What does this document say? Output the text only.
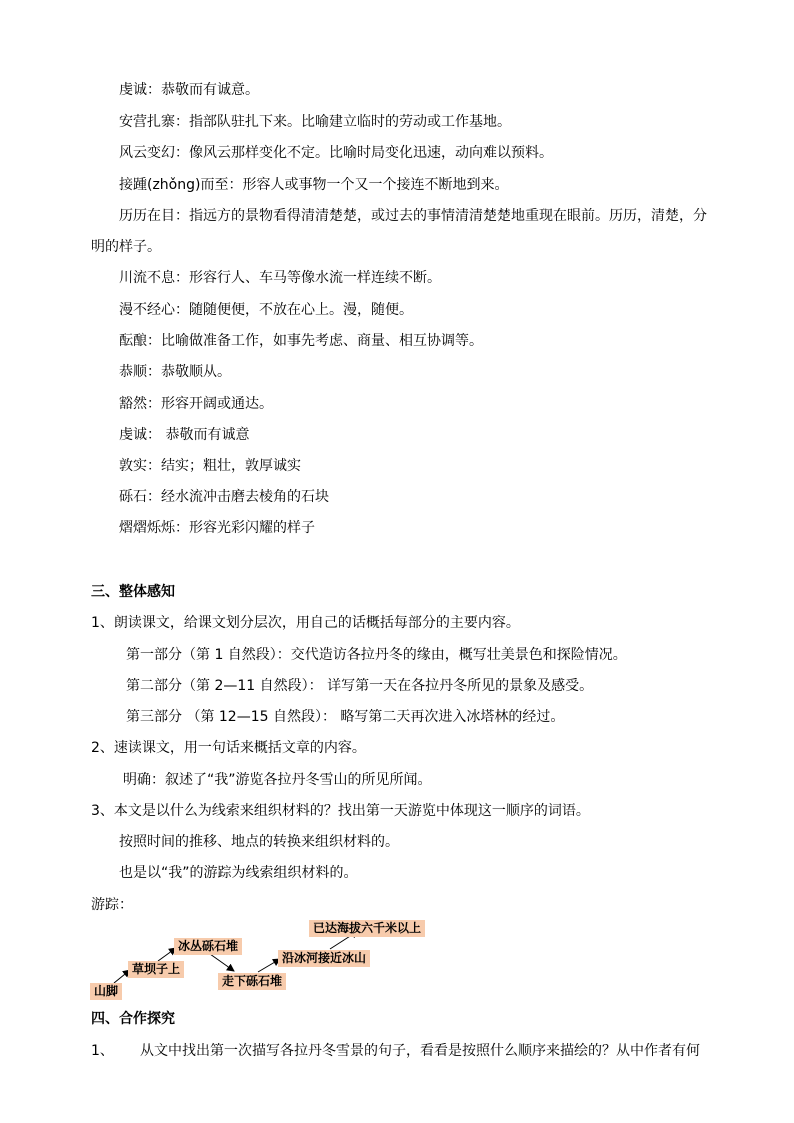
虔诚：恭敬而有诚意。
安营扎寨：指部队驻扎下来。比喻建立临时的劳动或工作基地。
风云变幻：像风云那样变化不定。比喻时局变化迅速，动向难以预料。
接踵(zhǒng)而至：形容人或事物一个又一个接连不断地到来。
历历在目：指远方的景物看得清清楚楚，或过去的事情清清楚楚地重现在眼前。历历，清楚，分
明的样子。
川流不息：形容行人、车马等像水流一样连续不断。
漫不经心：随随便便，不放在心上。漫，随便。
酝酿：比喻做准备工作，如事先考虑、商量、相互协调等。
恭顺：恭敬顺从。
豁然：形容开阔或通达。
虔诚： 恭敬而有诚意
敦实：结实；粗壮，敦厚诚实
砾石：经水流冲击磨去棱角的石块
熠熠烁烁：形容光彩闪耀的样子
三、整体感知
1、朗读课文，给课文划分层次，用自己的话概括每部分的主要内容。
第一部分（第 1 自然段）：交代造访各拉丹冬的缘由，概写壮美景色和探险情况。
第二部分（第 2—11 自然段）： 详写第一天在各拉丹冬所见的景象及感受。
第三部分 （第 12—15 自然段）： 略写第二天再次进入冰塔林的经过。
2、速读课文，用一句话来概括文章的内容。
明确：叙述了“我”游览各拉丹冬雪山的所见所闻。
3、本文是以什么为线索来组织材料的？找出第一天游览中体现这一顺序的词语。
按照时间的推移、地点的转换来组织材料的。
也是以“我”的游踪为线索组织材料的。
游踪：
山脚
草坝子上
冰丛砾石堆
走下砾石堆
沿冰河接近冰山
已达海拔六千米以上
四、合作探究
1、 从文中找出第一次描写各拉丹冬雪景的句子，看看是按照什么顺序来描绘的？从中作者有何
